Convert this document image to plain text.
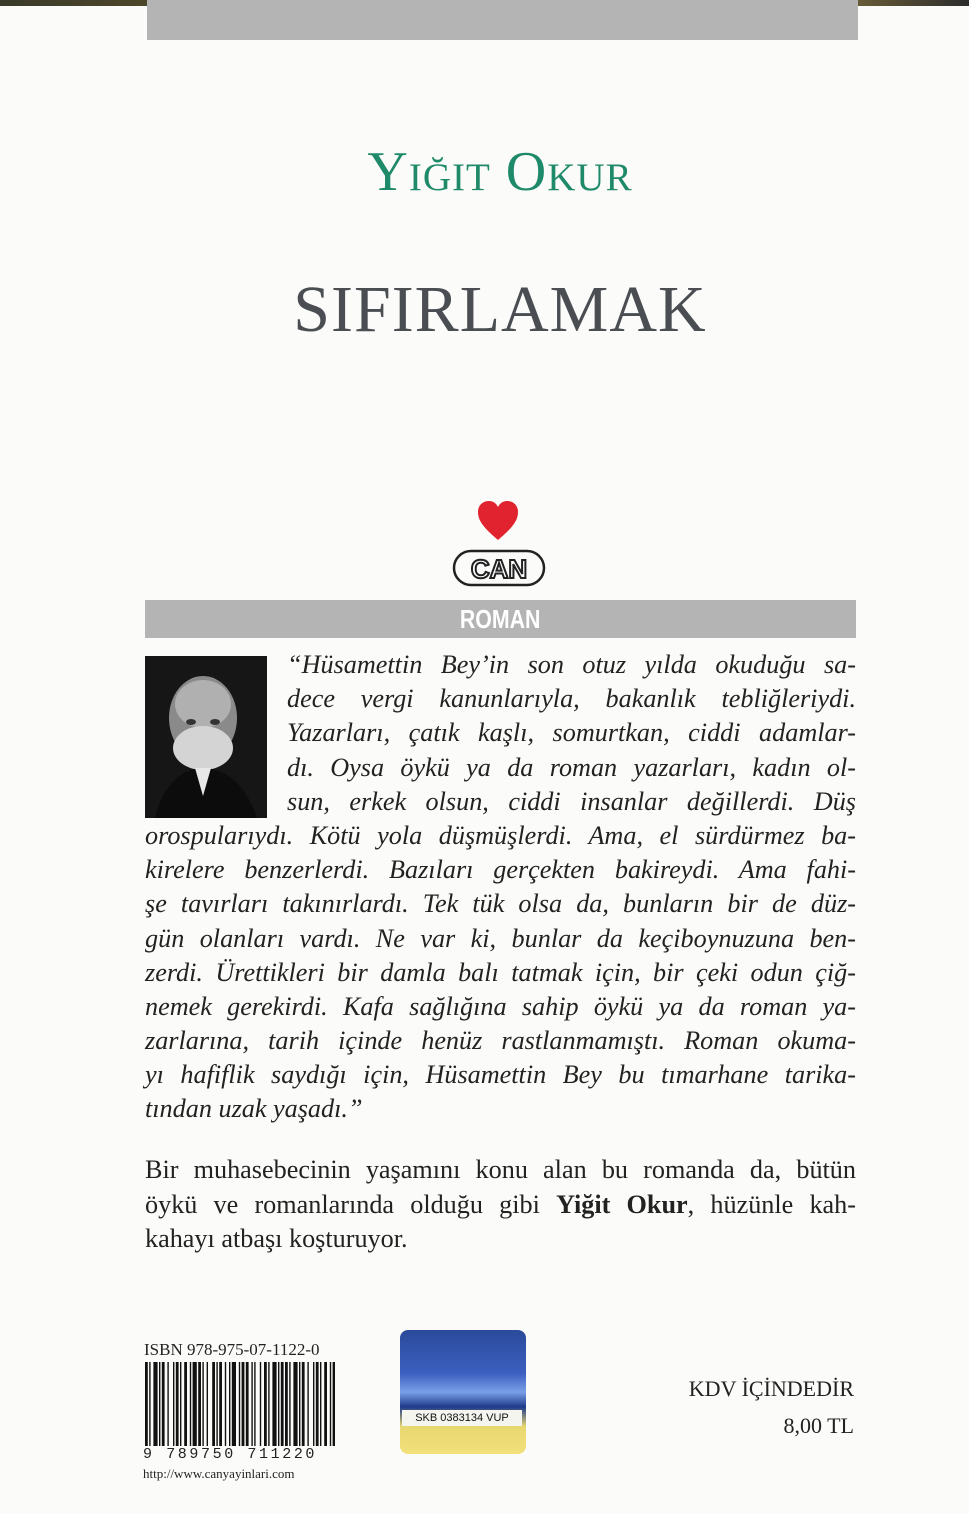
Yiğit Okur
SIFIRLAMAK
CAN
ROMAN
“Hüsamettin Bey’in son otuz yılda okuduğu sa-
dece vergi kanunlarıyla, bakanlık tebliğleriydi.
Yazarları, çatık kaşlı, somurtkan, ciddi adamlar-
dı. Oysa öykü ya da roman yazarları, kadın ol-
sun, erkek olsun, ciddi insanlar değillerdi. Düş
orospularıydı. Kötü yola düşmüşlerdi. Ama, el sürdürmez ba-
kirelere benzerlerdi. Bazıları gerçekten bakireydi. Ama fahi-
şe tavırları takınırlardı. Tek tük olsa da, bunların bir de düz-
gün olanları vardı. Ne var ki, bunlar da keçiboynuzuna ben-
zerdi. Ürettikleri bir damla balı tatmak için, bir çeki odun çiğ-
nemek gerekirdi. Kafa sağlığına sahip öykü ya da roman ya-
zarlarına, tarih içinde henüz rastlanmamıştı. Roman okuma-
yı hafiflik saydığı için, Hüsamettin Bey bu tımarhane tarika-
tından uzak yaşadı.”
Bir muhasebecinin yaşamını konu alan bu romanda da, bütün
öykü ve romanlarında olduğu gibi Yiğit Okur, hüzünle kah-
kahayı atbaşı koşturuyor.
ISBN 978-975-07-1122-0
9 789750 711220
http://www.canyayinlari.com
SKB 0383134 VUP
KDV İÇİNDEDİR
8,00 TL
